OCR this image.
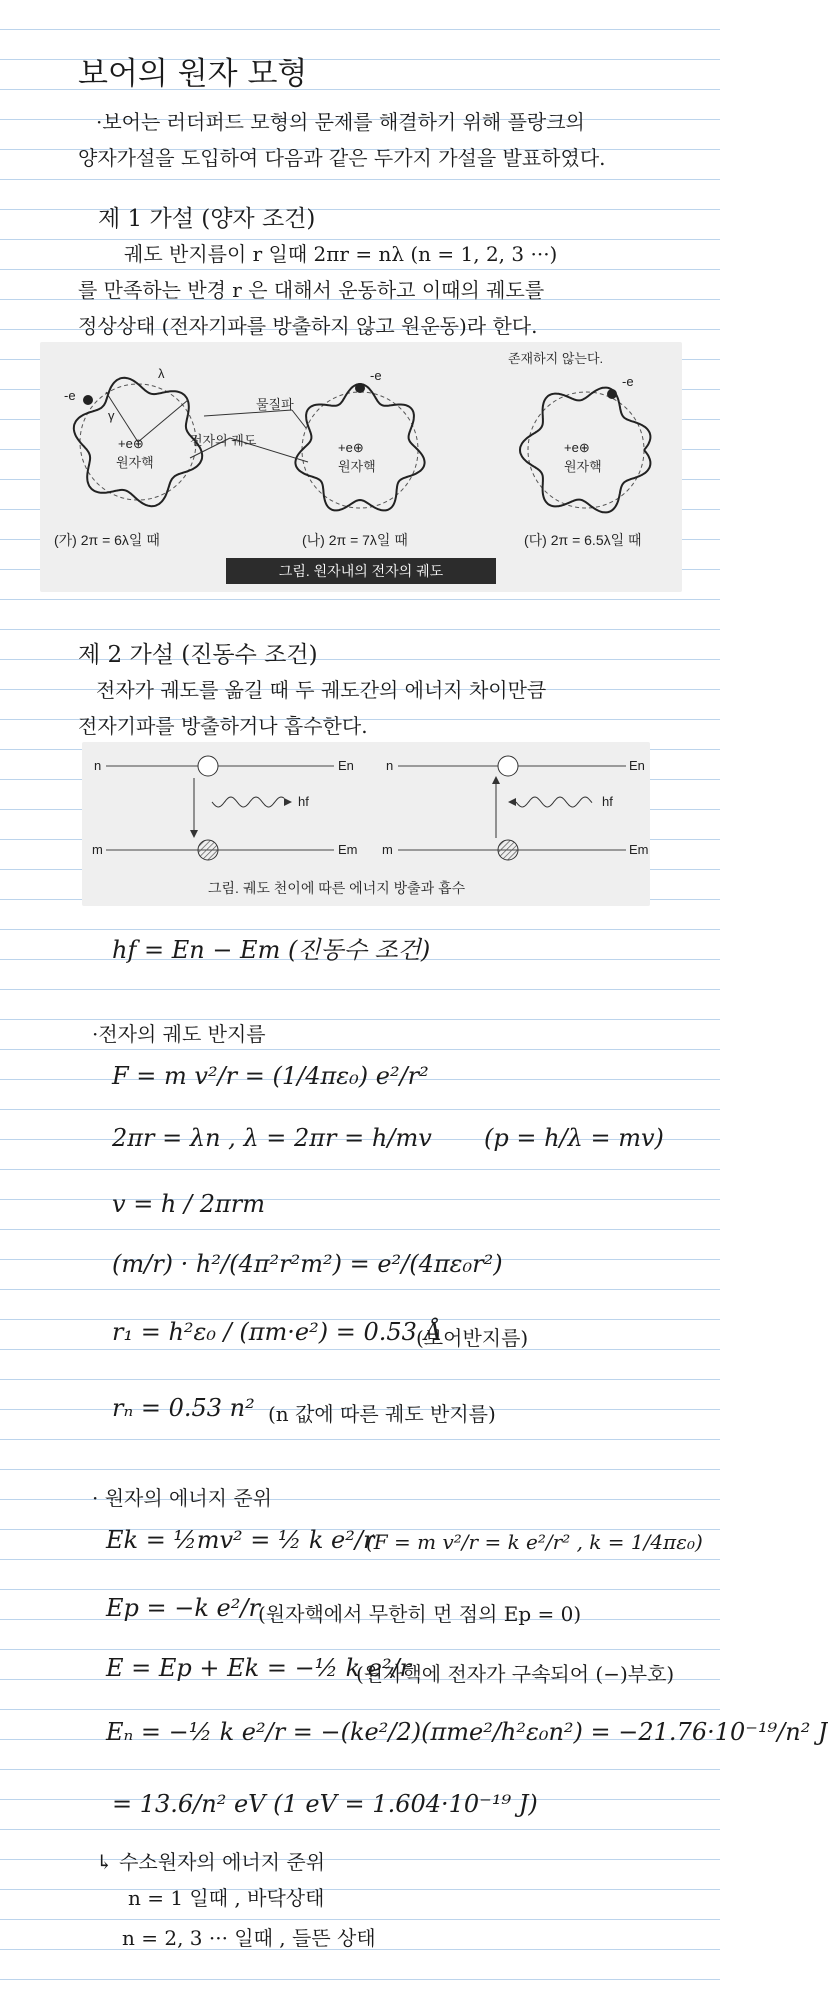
보어의 원자 모형
·보어는 러더퍼드 모형의 문제를 해결하기 위해 플랑크의
양자가설을 도입하여 다음과 같은 두가지 가설을 발표하였다.
제 1 가설 (양자 조건)
궤도 반지름이 r 일때 2πr = nλ (n = 1, 2, 3 ···)
를 만족하는 반경 r 은 대해서 운동하고 이때의 궤도를
정상상태 (전자기파를 방출하지 않고 원운동)라 한다.
존재하지 않는다.
-e
λ
γ
+e⊕
원자핵
물질파
전자의 궤도
-e
+e⊕
원자핵
-e
+e⊕
원자핵
(가) 2π = 6λ일 때	(나) 2π = 7λ일 때	(다) 2π = 6.5λ일 때
그림. 원자내의 전자의 궤도
제 2 가설 (진동수 조건)
전자가 궤도를 옮길 때 두 궤도간의 에너지 차이만큼
전자기파를 방출하거나 흡수한다.
n	En
m	Em
hf
n	En
m	Em
hf
그림. 궤도 천이에 따른 에너지 방출과 흡수
hf = En − Em (진동수 조건)
·전자의 궤도 반지름
F = m v²/r = (1/4πε₀) e²/r²
2πr = λn , λ = 2πr = h/mv (p = h/λ = mv)
v = h / 2πrm
(m/r) · h²/(4π²r²m²) = e²/(4πε₀r²)
r₁ = h²ε₀ / (πm·e²) = 0.53 Å
(보어반지름)
rₙ = 0.53 n² (n 값에 따른 궤도 반지름)
· 원자의 에너지 준위
Ek = ½mv² = ½ k e²/r
(F = m v²/r = k e²/r² , k = 1/4πε₀)
Ep = −k e²/r
(원자핵에서 무한히 먼 점의 Ep = 0)
E = Ep + Ek = −½ k e²/r
(원자핵에 전자가 구속되어 (−)부호)
Eₙ = −½ k e²/r = −(ke²/2)(πme²/h²ε₀n²) = −21.76·10⁻¹⁹/n² J
= 13.6/n² eV (1 eV = 1.604·10⁻¹⁹ J)
↳ 수소원자의 에너지 준위
n = 1 일때 , 바닥상태
n = 2, 3 ··· 일때 , 들뜬 상태
